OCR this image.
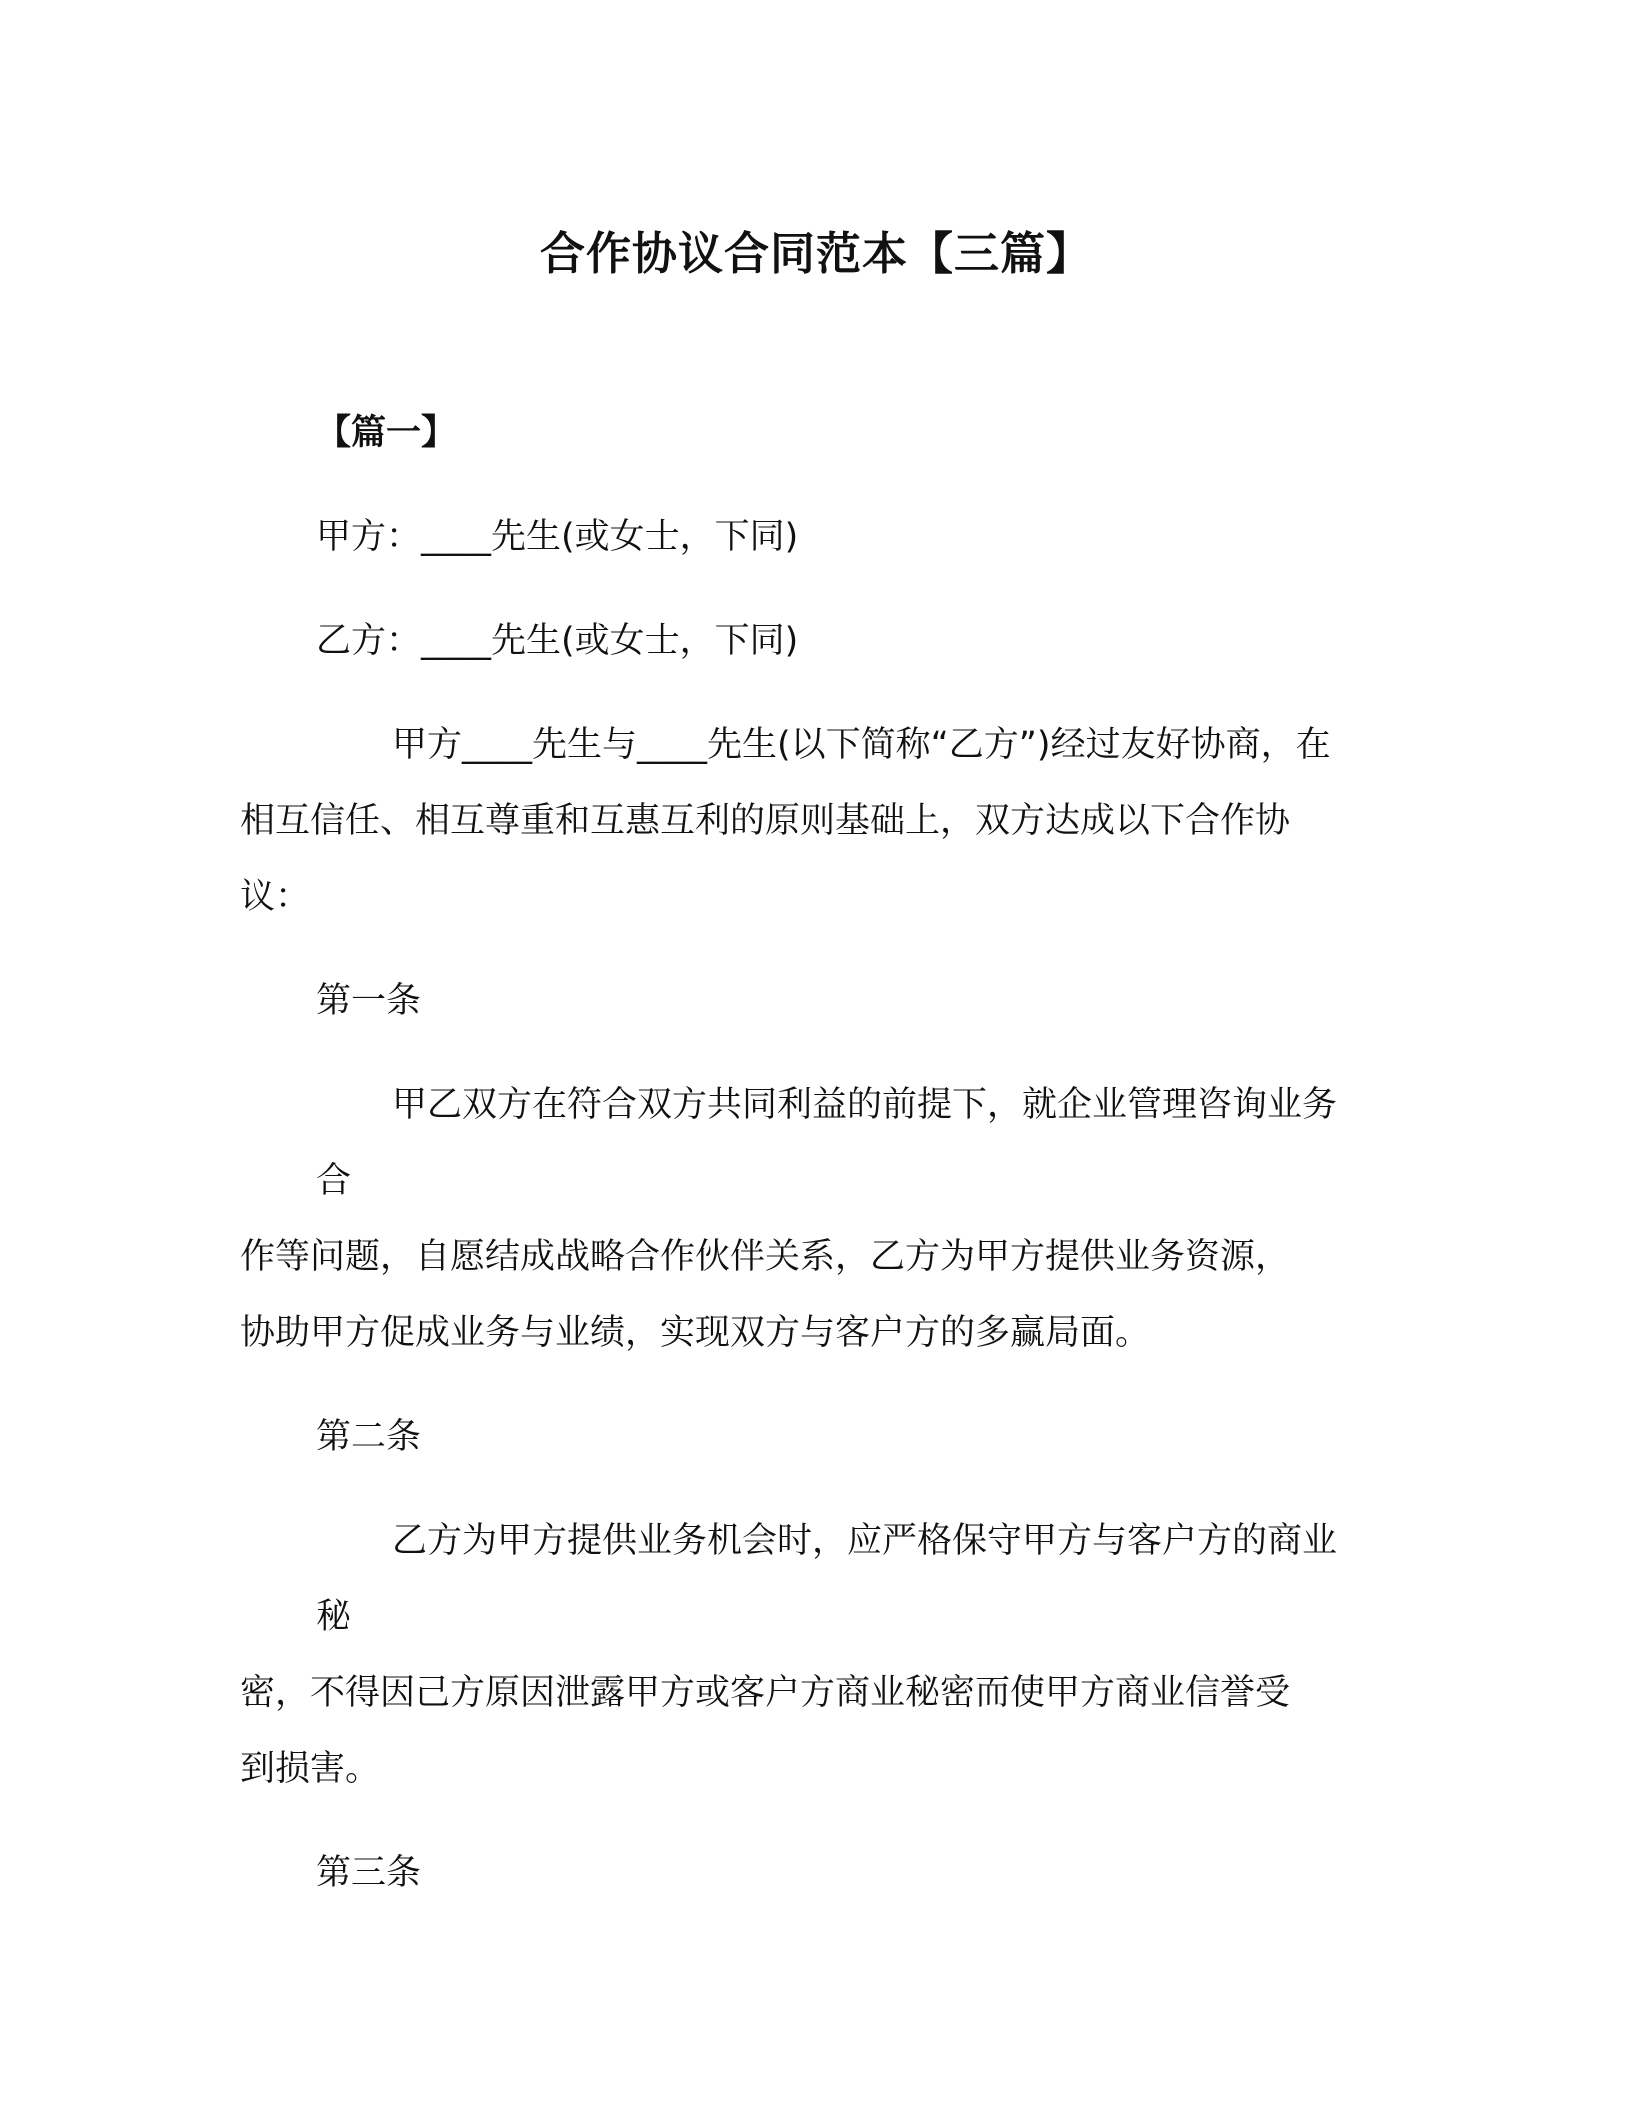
合作协议合同范本【三篇】
【篇一】
甲方：____先生(或女士，下同)
乙方：____先生(或女士，下同)
甲方____先生与____先生(以下简称“乙方”)经过友好协商，在
相互信任、相互尊重和互惠互利的原则基础上，双方达成以下合作协
议：
第一条
甲乙双方在符合双方共同利益的前提下，就企业管理咨询业务合
作等问题，自愿结成战略合作伙伴关系，乙方为甲方提供业务资源，
协助甲方促成业务与业绩，实现双方与客户方的多赢局面。
第二条
乙方为甲方提供业务机会时，应严格保守甲方与客户方的商业秘
密，不得因己方原因泄露甲方或客户方商业秘密而使甲方商业信誉受
到损害。
第三条
